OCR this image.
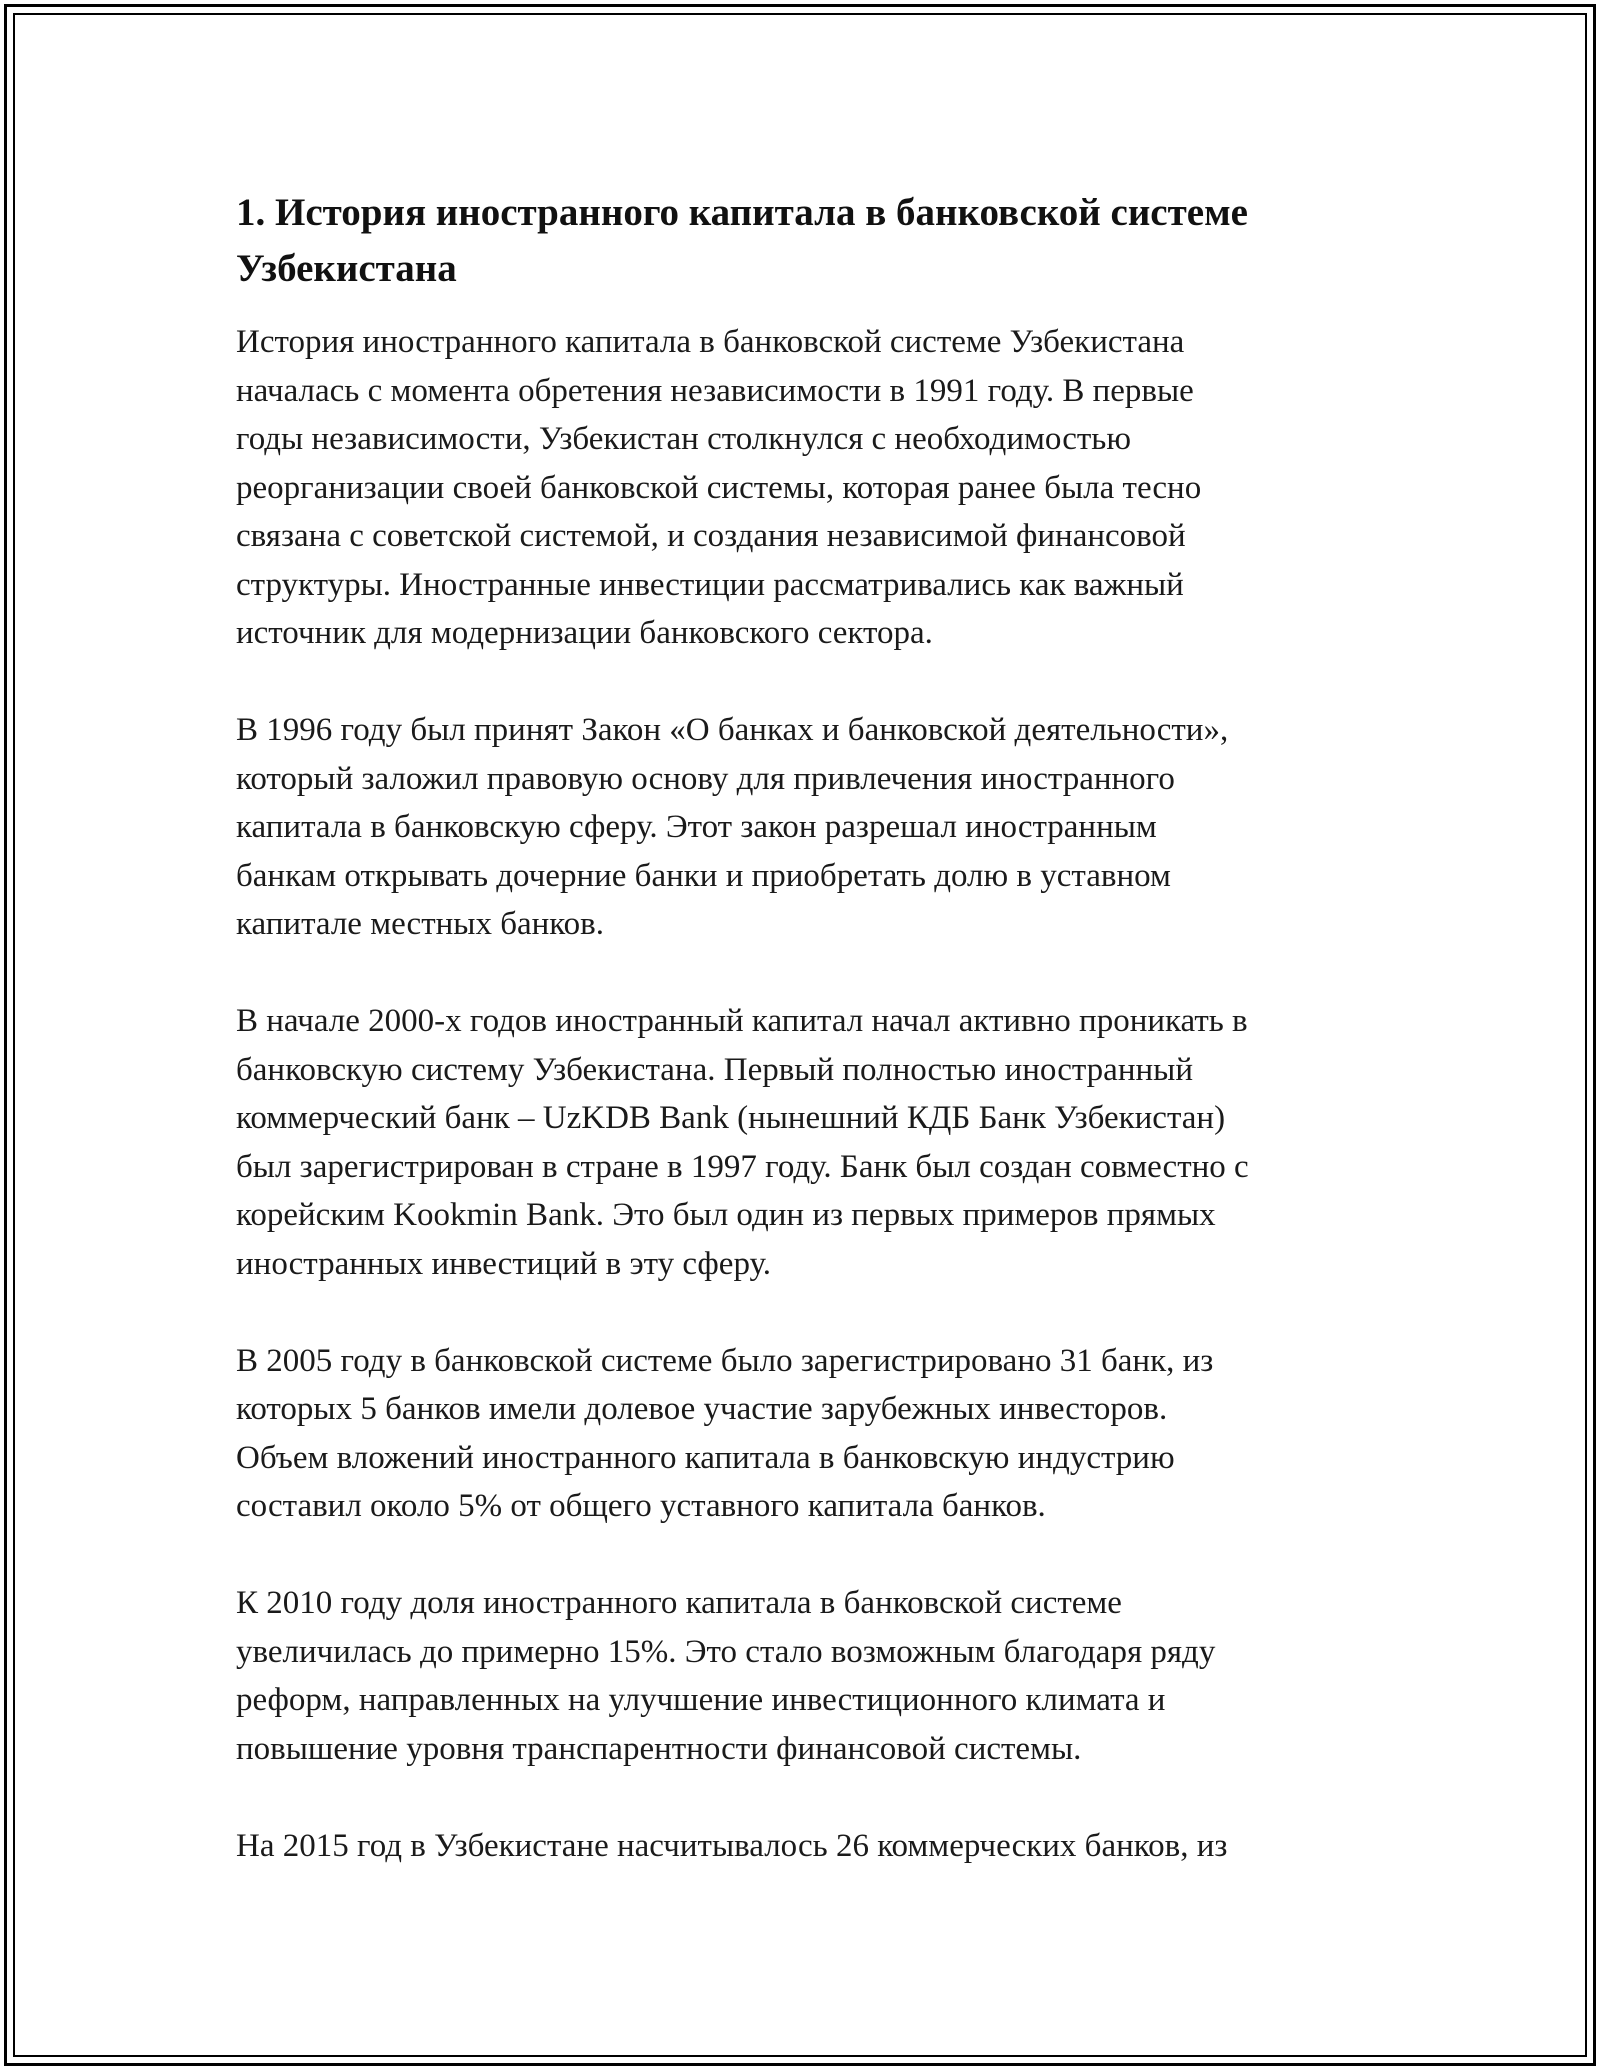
1. История иностранного капитала в банковской системе
Узбекистана

История иностранного капитала в банковской системе Узбекистана
началась с момента обретения независимости в 1991 году. В первые
годы независимости, Узбекистан столкнулся с необходимостью
реорганизации своей банковской системы, которая ранее была тесно
связана с советской системой, и создания независимой финансовой
структуры. Иностранные инвестиции рассматривались как важный
источник для модернизации банковского сектора.

В 1996 году был принят Закон «О банках и банковской деятельности»,
который заложил правовую основу для привлечения иностранного
капитала в банковскую сферу. Этот закон разрешал иностранным
банкам открывать дочерние банки и приобретать долю в уставном
капитале местных банков.

В начале 2000-х годов иностранный капитал начал активно проникать в
банковскую систему Узбекистана. Первый полностью иностранный
коммерческий банк – UzKDB Bank (нынешний КДБ Банк Узбекистан)
был зарегистрирован в стране в 1997 году. Банк был создан совместно с
корейским Kookmin Bank. Это был один из первых примеров прямых
иностранных инвестиций в эту сферу.

В 2005 году в банковской системе было зарегистрировано 31 банк, из
которых 5 банков имели долевое участие зарубежных инвесторов.
Объем вложений иностранного капитала в банковскую индустрию
составил около 5% от общего уставного капитала банков.

К 2010 году доля иностранного капитала в банковской системе
увеличилась до примерно 15%. Это стало возможным благодаря ряду
реформ, направленных на улучшение инвестиционного климата и
повышение уровня транспарентности финансовой системы.

На 2015 год в Узбекистане насчитывалось 26 коммерческих банков, из
